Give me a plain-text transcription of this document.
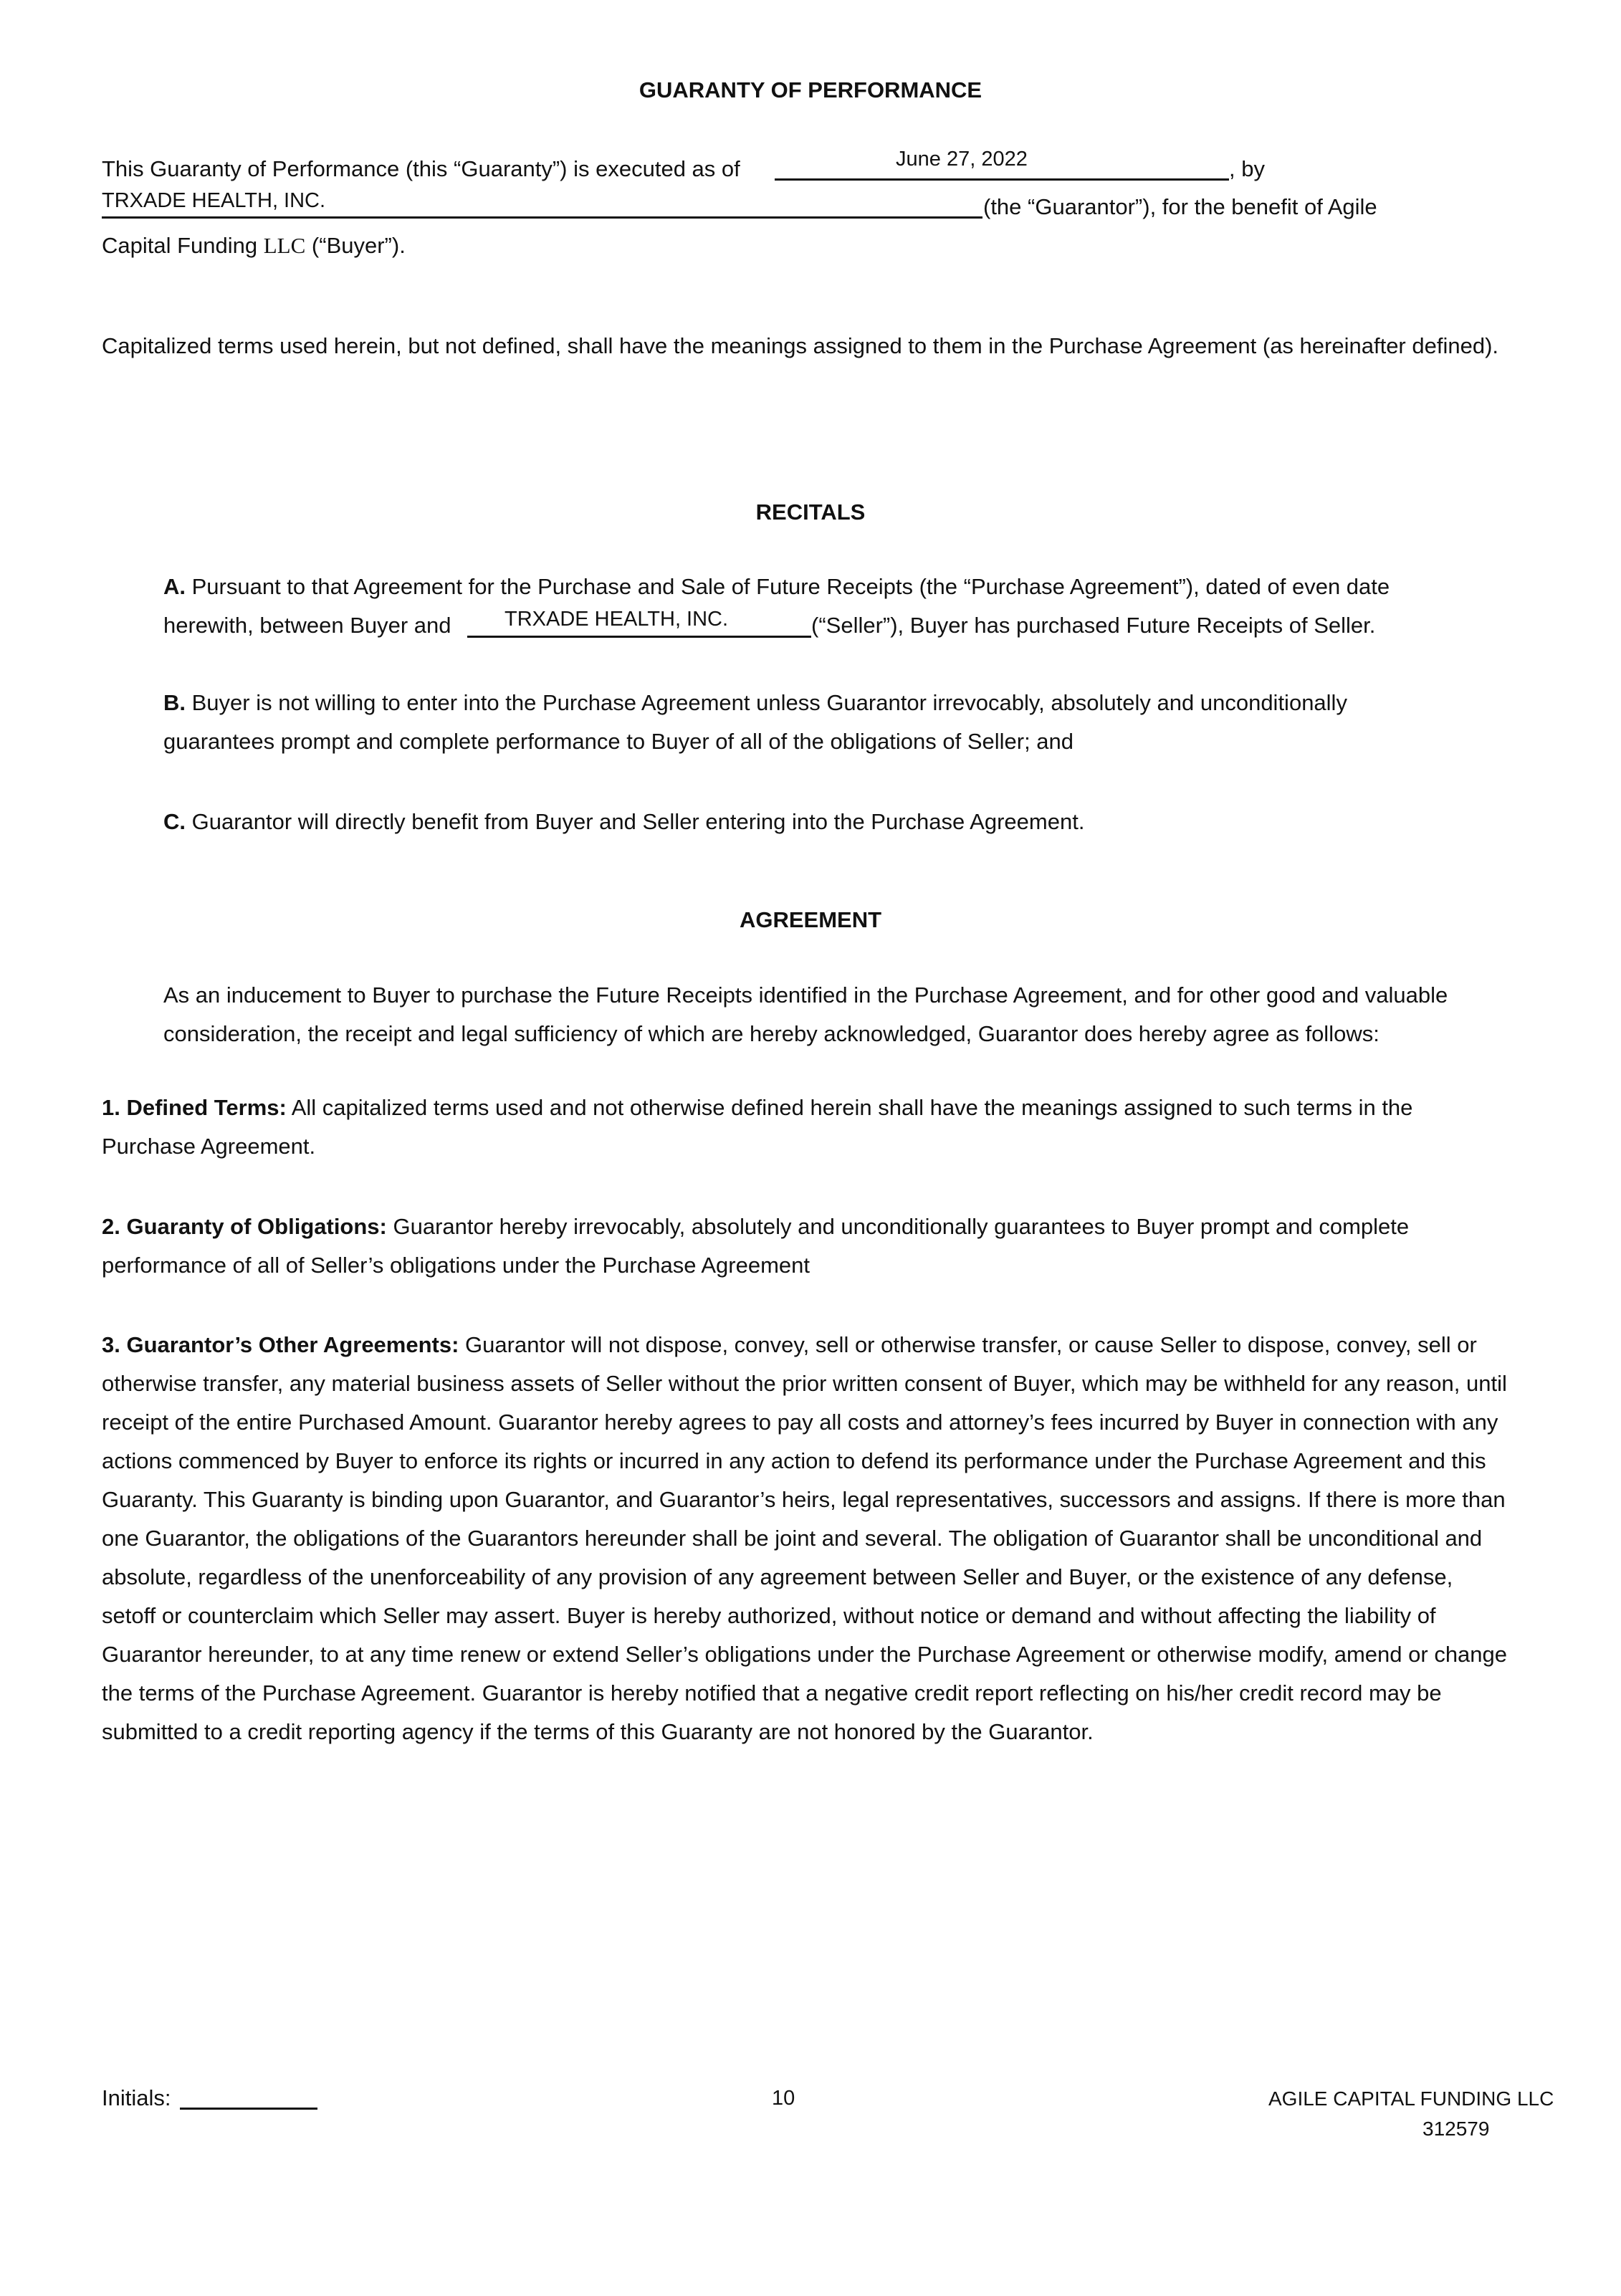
GUARANTY OF PERFORMANCE
This Guaranty of Performance (this “Guaranty”) is executed as of	June 27, 2022	, by
TRXADE HEALTH, INC.	(the “Guarantor”), for the benefit of Agile
Capital Funding LLC (“Buyer”).
Capitalized terms used herein, but not defined, shall have the meanings assigned to them in the Purchase Agreement (as hereinafter defined).
RECITALS
A. Pursuant to that Agreement for the Purchase and Sale of Future Receipts (the “Purchase Agreement”), dated of even date
herewith, between Buyer and	TRXADE HEALTH, INC.	(“Seller”), Buyer has purchased Future Receipts of Seller.
B. Buyer is not willing to enter into the Purchase Agreement unless Guarantor irrevocably, absolutely and unconditionally guarantees prompt and complete performance to Buyer of all of the obligations of Seller; and
C. Guarantor will directly benefit from Buyer and Seller entering into the Purchase Agreement.
AGREEMENT
As an inducement to Buyer to purchase the Future Receipts identified in the Purchase Agreement, and for other good and valuable consideration, the receipt and legal sufficiency of which are hereby acknowledged, Guarantor does hereby agree as follows:
1. Defined Terms: All capitalized terms used and not otherwise defined herein shall have the meanings assigned to such terms in the Purchase Agreement.
2. Guaranty of Obligations: Guarantor hereby irrevocably, absolutely and unconditionally guarantees to Buyer prompt and complete performance of all of Seller’s obligations under the Purchase Agreement
3. Guarantor’s Other Agreements: Guarantor will not dispose, convey, sell or otherwise transfer, or cause Seller to dispose, convey, sell or otherwise transfer, any material business assets of Seller without the prior written consent of Buyer, which may be withheld for any reason, until receipt of the entire Purchased Amount. Guarantor hereby agrees to pay all costs and attorney’s fees incurred by Buyer in connection with any actions commenced by Buyer to enforce its rights or incurred in any action to defend its performance under the Purchase Agreement and this Guaranty. This Guaranty is binding upon Guarantor, and Guarantor’s heirs, legal representatives, successors and assigns. If there is more than one Guarantor, the obligations of the Guarantors hereunder shall be joint and several. The obligation of Guarantor shall be unconditional and absolute, regardless of the unenforceability of any provision of any agreement between Seller and Buyer, or the existence of any defense, setoff or counterclaim which Seller may assert. Buyer is hereby authorized, without notice or demand and without affecting the liability of Guarantor hereunder, to at any time renew or extend Seller’s obligations under the Purchase Agreement or otherwise modify, amend or change the terms of the Purchase Agreement. Guarantor is hereby notified that a negative credit report reflecting on his/her credit record may be submitted to a credit reporting agency if the terms of this Guaranty are not honored by the Guarantor.
Initials:	10	AGILE CAPITAL FUNDING LLC
312579
